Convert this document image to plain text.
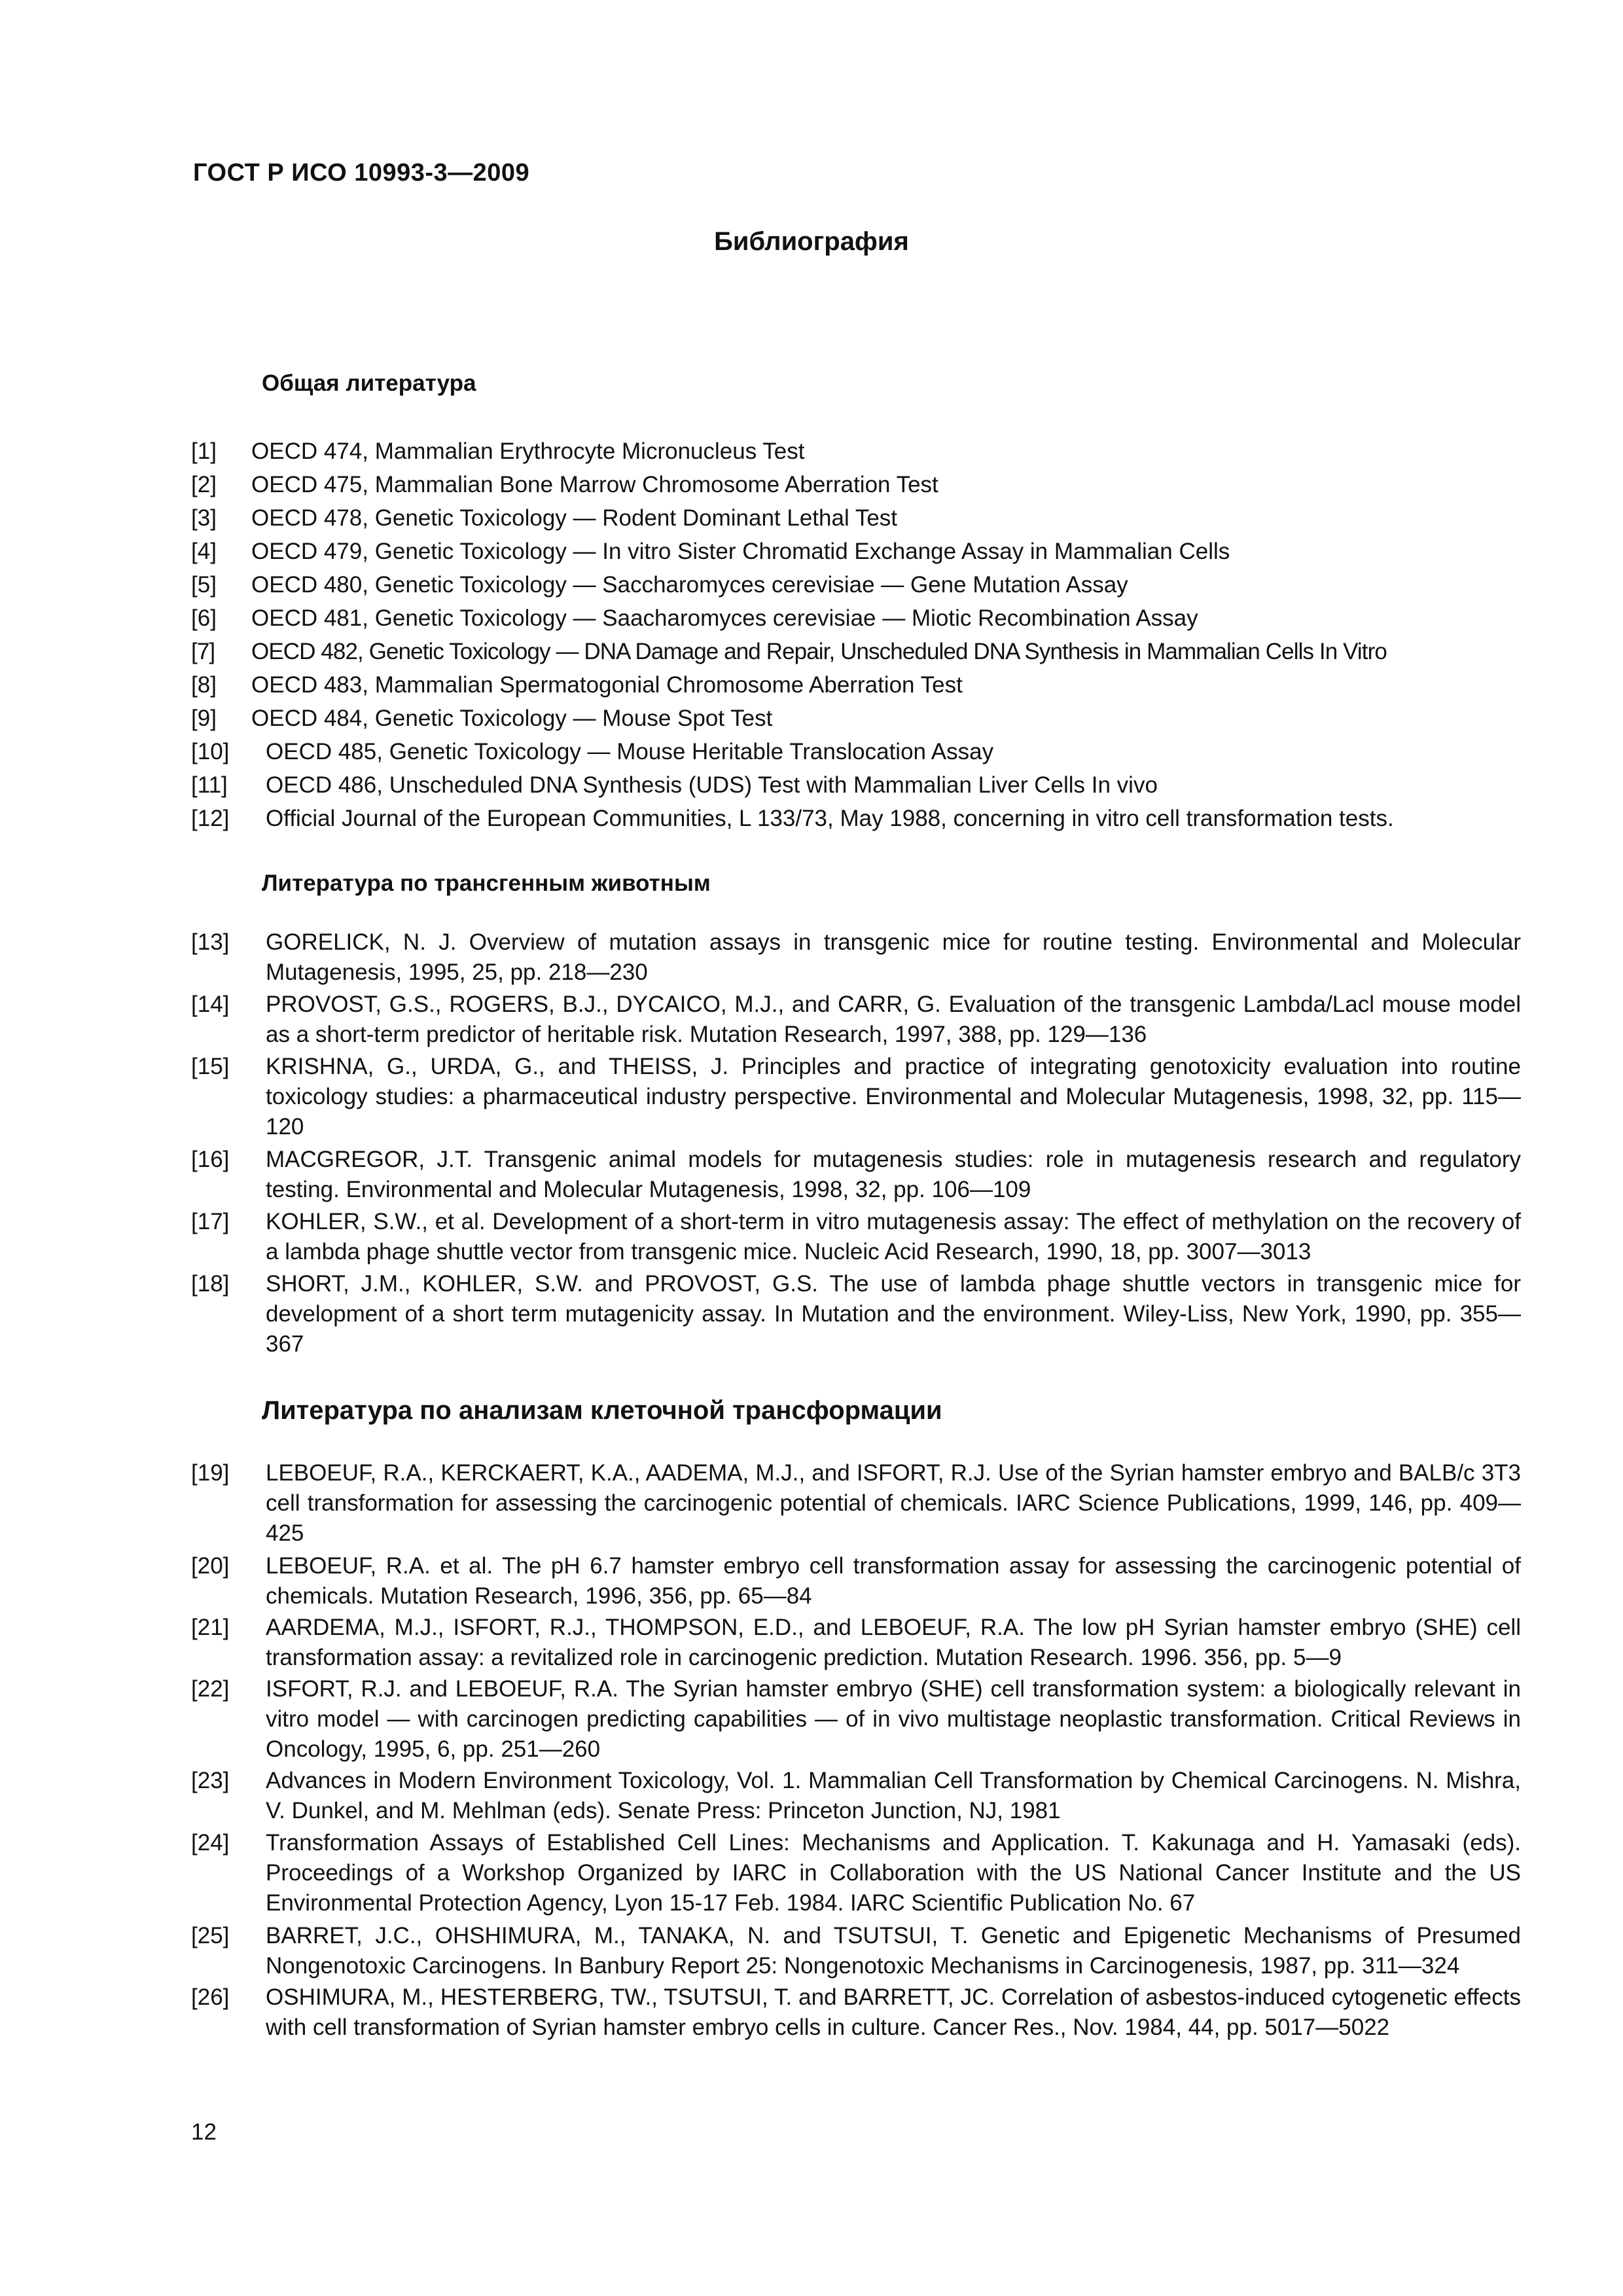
ГОСТ Р ИСО 10993-3—2009
Библиография
Общая литература
[1] OECD 474, Mammalian Erythrocyte Micronucleus Test
[2] OECD 475, Mammalian Bone Marrow Chromosome Aberration Test
[3] OECD 478, Genetic Toxicology — Rodent Dominant Lethal Test
[4] OECD 479, Genetic Toxicology — In vitro Sister Chromatid Exchange Assay in Mammalian Cells
[5] OECD 480, Genetic Toxicology — Saccharomyces cerevisiae — Gene Mutation Assay
[6] OECD 481, Genetic Toxicology — Saacharomyces cerevisiae — Miotic Recombination Assay
[7] OECD 482, Genetic Toxicology — DNA Damage and Repair, Unscheduled DNA Synthesis in Mammalian Cells In Vitro
[8] OECD 483, Mammalian Spermatogonial Chromosome Aberration Test
[9] OECD 484, Genetic Toxicology — Mouse Spot Test
[10] OECD 485, Genetic Toxicology — Mouse Heritable Translocation Assay
[11] OECD 486, Unscheduled DNA Synthesis (UDS) Test with Mammalian Liver Cells In vivo
[12] Official Journal of the European Communities, L 133/73, May 1988, concerning in vitro cell transformation tests.
Литература по трансгенным животным
[13] GORELICK, N. J. Overview of mutation assays in transgenic mice for routine testing. Environmental and Molecular Mutagenesis, 1995, 25, pp. 218—230
[14] PROVOST, G.S., ROGERS, B.J., DYCAICO, M.J., and CARR, G. Evaluation of the transgenic Lambda/Lacl mouse model as a short-term predictor of heritable risk. Mutation Research, 1997, 388, pp. 129—136
[15] KRISHNA, G., URDA, G., and THEISS, J. Principles and practice of integrating genotoxicity evaluation into routine toxicology studies: a pharmaceutical industry perspective. Environmental and Molecular Mutagenesis, 1998, 32, pp. 115—120
[16] MACGREGOR, J.T. Transgenic animal models for mutagenesis studies: role in mutagenesis research and regulatory testing. Environmental and Molecular Mutagenesis, 1998, 32, pp. 106—109
[17] KOHLER, S.W., et al. Development of a short-term in vitro mutagenesis assay: The effect of methylation on the recovery of a lambda phage shuttle vector from transgenic mice. Nucleic Acid Research, 1990, 18, pp. 3007—3013
[18] SHORT, J.M., KOHLER, S.W. and PROVOST, G.S. The use of lambda phage shuttle vectors in transgenic mice for development of a short term mutagenicity assay. In Mutation and the environment. Wiley-Liss, New York, 1990, pp. 355—367
Литература по анализам клеточной трансформации
[19] LEBOEUF, R.A., KERCKAERT, K.A., AADEMA, M.J., and ISFORT, R.J. Use of the Syrian hamster embryo and BALB/c 3T3 cell transformation for assessing the carcinogenic potential of chemicals. IARC Science Publications, 1999, 146, pp. 409—425
[20] LEBOEUF, R.A. et al. The pH 6.7 hamster embryo cell transformation assay for assessing the carcinogenic potential of chemicals. Mutation Research, 1996, 356, pp. 65—84
[21] AARDEMA, M.J., ISFORT, R.J., THOMPSON, E.D., and LEBOEUF, R.A. The low pH Syrian hamster embryo (SHE) cell transformation assay: a revitalized role in carcinogenic prediction. Mutation Research. 1996. 356, pp. 5—9
[22] ISFORT, R.J. and LEBOEUF, R.A. The Syrian hamster embryo (SHE) cell transformation system: a biologically relevant in vitro model — with carcinogen predicting capabilities — of in vivo multistage neoplastic transformation. Critical Reviews in Oncology, 1995, 6, pp. 251—260
[23] Advances in Modern Environment Toxicology, Vol. 1. Mammalian Cell Transformation by Chemical Carcinogens. N. Mishra, V. Dunkel, and M. Mehlman (eds). Senate Press: Princeton Junction, NJ, 1981
[24] Transformation Assays of Established Cell Lines: Mechanisms and Application. T. Kakunaga and H. Yamasaki (eds). Proceedings of a Workshop Organized by IARC in Collaboration with the US National Cancer Institute and the US Environmental Protection Agency, Lyon 15-17 Feb. 1984. IARC Scientific Publication No. 67
[25] BARRET, J.C., OHSHIMURA, M., TANAKA, N. and TSUTSUI, T. Genetic and Epigenetic Mechanisms of Presumed Nongenotoxic Carcinogens. In Banbury Report 25: Nongenotoxic Mechanisms in Carcinogenesis, 1987, pp. 311—324
[26] OSHIMURA, M., HESTERBERG, TW., TSUTSUI, T. and BARRETT, JC. Correlation of asbestos-induced cytogenetic effects with cell transformation of Syrian hamster embryo cells in culture. Cancer Res., Nov. 1984, 44, pp. 5017—5022
12
